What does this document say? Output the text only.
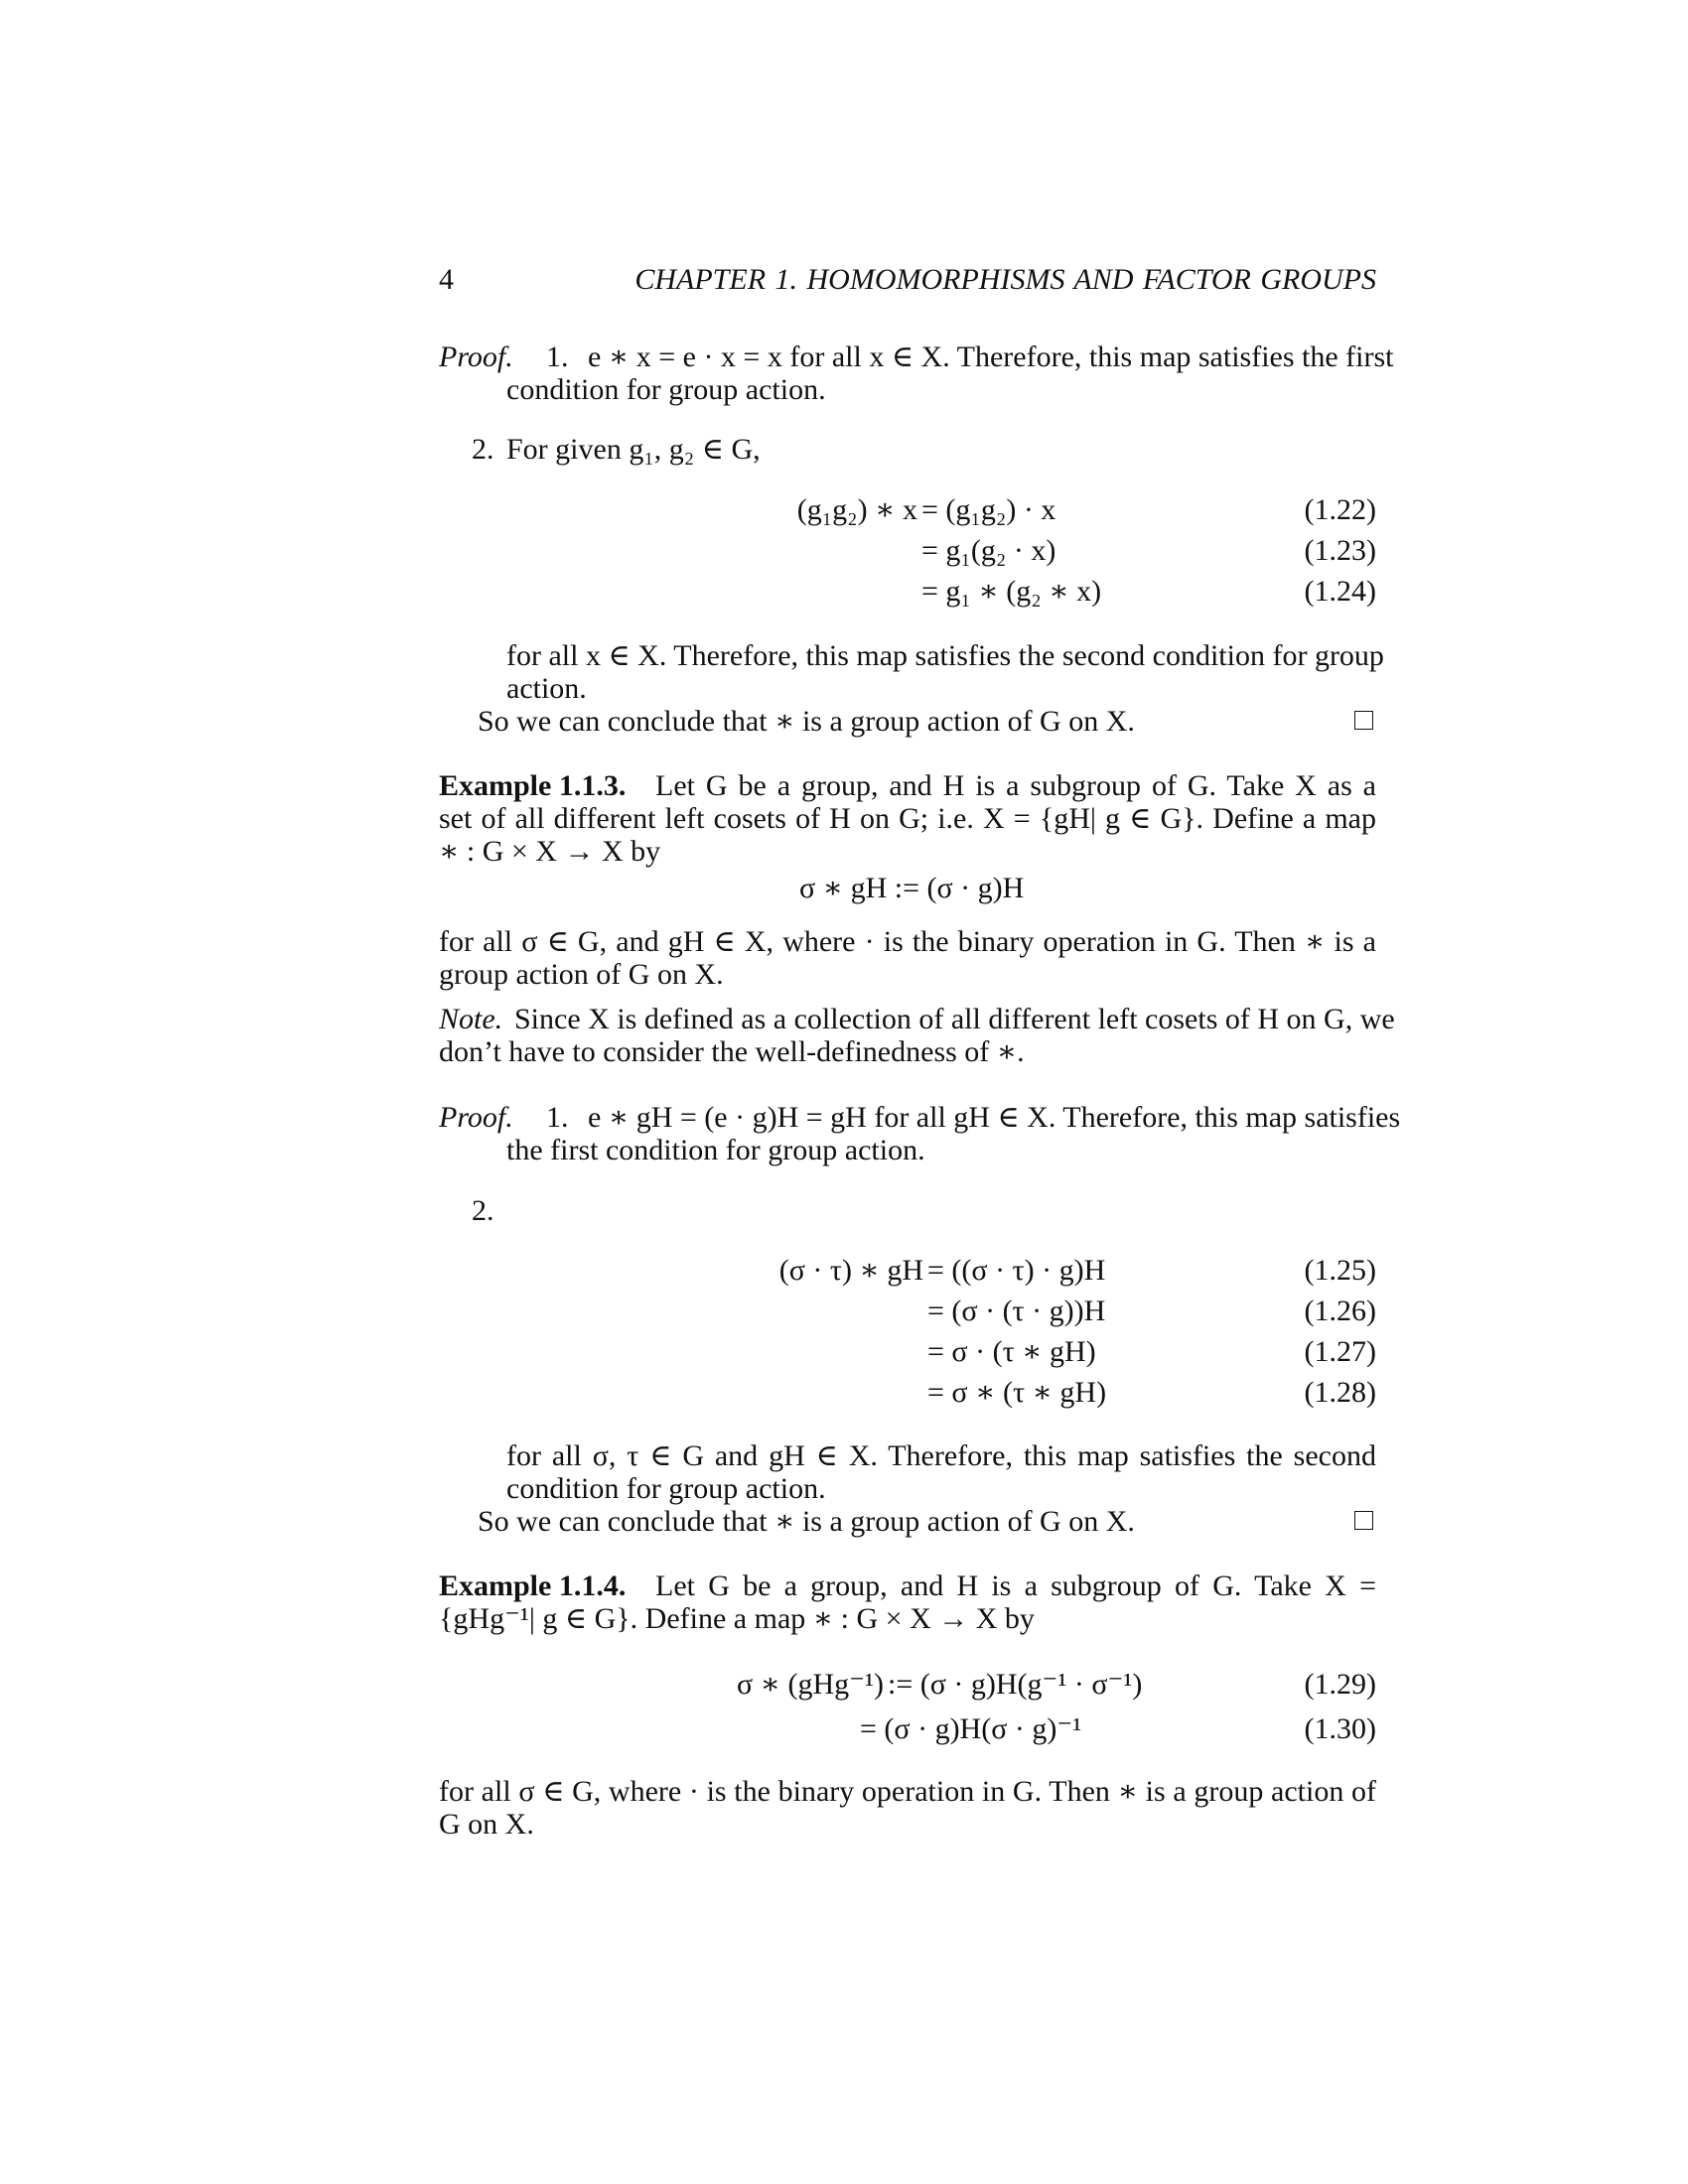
4	CHAPTER 1. HOMOMORPHISMS AND FACTOR GROUPS
Proof. 1. e ∗ x = e · x = x for all x ∈ X. Therefore, this map satisfies the first
condition for group action.
2. For given g₁, g₂ ∈ G,
(g₁g₂) ∗ x = (g₁g₂) · x	(1.22)
= g₁(g₂ · x)	(1.23)
= g₁ ∗ (g₂ ∗ x)	(1.24)
for all x ∈ X. Therefore, this map satisfies the second condition for group
action.
So we can conclude that ∗ is a group action of G on X.
Example 1.1.3. Let G be a group, and H is a subgroup of G. Take X as a
set of all different left cosets of H on G; i.e. X = {gH| g ∈ G}. Define a map
∗ : G × X → X by
σ ∗ gH := (σ · g)H
for all σ ∈ G, and gH ∈ X, where · is the binary operation in G. Then ∗ is a
group action of G on X.
Note. Since X is defined as a collection of all different left cosets of H on G, we
don’t have to consider the well-definedness of ∗.
Proof. 1. e ∗ gH = (e · g)H = gH for all gH ∈ X. Therefore, this map satisfies
the first condition for group action.
2.
(σ · τ) ∗ gH = ((σ · τ) · g)H	(1.25)
= (σ · (τ · g))H	(1.26)
= σ · (τ ∗ gH)	(1.27)
= σ ∗ (τ ∗ gH)	(1.28)
for all σ, τ ∈ G and gH ∈ X. Therefore, this map satisfies the second
condition for group action.
So we can conclude that ∗ is a group action of G on X.
Example 1.1.4. Let G be a group, and H is a subgroup of G. Take X =
{gHg⁻¹| g ∈ G}. Define a map ∗ : G × X → X by
σ ∗ (gHg⁻¹) := (σ · g)H(g⁻¹ · σ⁻¹)	(1.29)
= (σ · g)H(σ · g)⁻¹	(1.30)
for all σ ∈ G, where · is the binary operation in G. Then ∗ is a group action of
G on X.
